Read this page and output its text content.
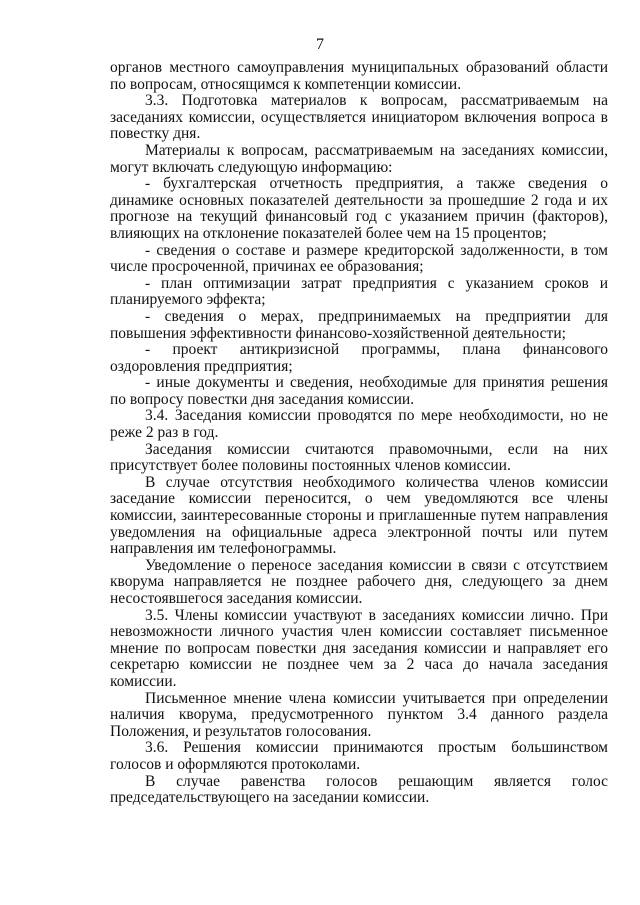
7

органов местного самоуправления муниципальных образований области по вопросам, относящимся к компетенции комиссии.

3.3. Подготовка материалов к вопросам, рассматриваемым на заседаниях комиссии, осуществляется инициатором включения вопроса в повестку дня.

Материалы к вопросам, рассматриваемым на заседаниях комиссии, могут включать следующую информацию:

- бухгалтерская отчетность предприятия, а также сведения о динамике основных показателей деятельности за прошедшие 2 года и их прогнозе на текущий финансовый год с указанием причин (факторов), влияющих на отклонение показателей более чем на 15 процентов;

- сведения о составе и размере кредиторской задолженности, в том числе просроченной, причинах ее образования;

- план оптимизации затрат предприятия с указанием сроков и планируемого эффекта;

- сведения о мерах, предпринимаемых на предприятии для повышения эффективности финансово-хозяйственной деятельности;

- проект антикризисной программы, плана финансового оздоровления предприятия;

- иные документы и сведения, необходимые для принятия решения по вопросу повестки дня заседания комиссии.

3.4. Заседания комиссии проводятся по мере необходимости, но не реже 2 раз в год.

Заседания комиссии считаются правомочными, если на них присутствует более половины постоянных членов комиссии.

В случае отсутствия необходимого количества членов комиссии заседание комиссии переносится, о чем уведомляются все члены комиссии, заинтересованные стороны и приглашенные путем направления уведомления на официальные адреса электронной почты или путем направления им телефонограммы.

Уведомление о переносе заседания комиссии в связи с отсутствием кворума направляется не позднее рабочего дня, следующего за днем несостоявшегося заседания комиссии.

3.5. Члены комиссии участвуют в заседаниях комиссии лично. При невозможности личного участия член комиссии составляет письменное мнение по вопросам повестки дня заседания комиссии и направляет его секретарю комиссии не позднее чем за 2 часа до начала заседания комиссии.

Письменное мнение члена комиссии учитывается при определении наличия кворума, предусмотренного пунктом 3.4 данного раздела Положения, и результатов голосования.

3.6. Решения комиссии принимаются простым большинством голосов и оформляются протоколами.

В случае равенства голосов решающим является голос председательствующего на заседании комиссии.
